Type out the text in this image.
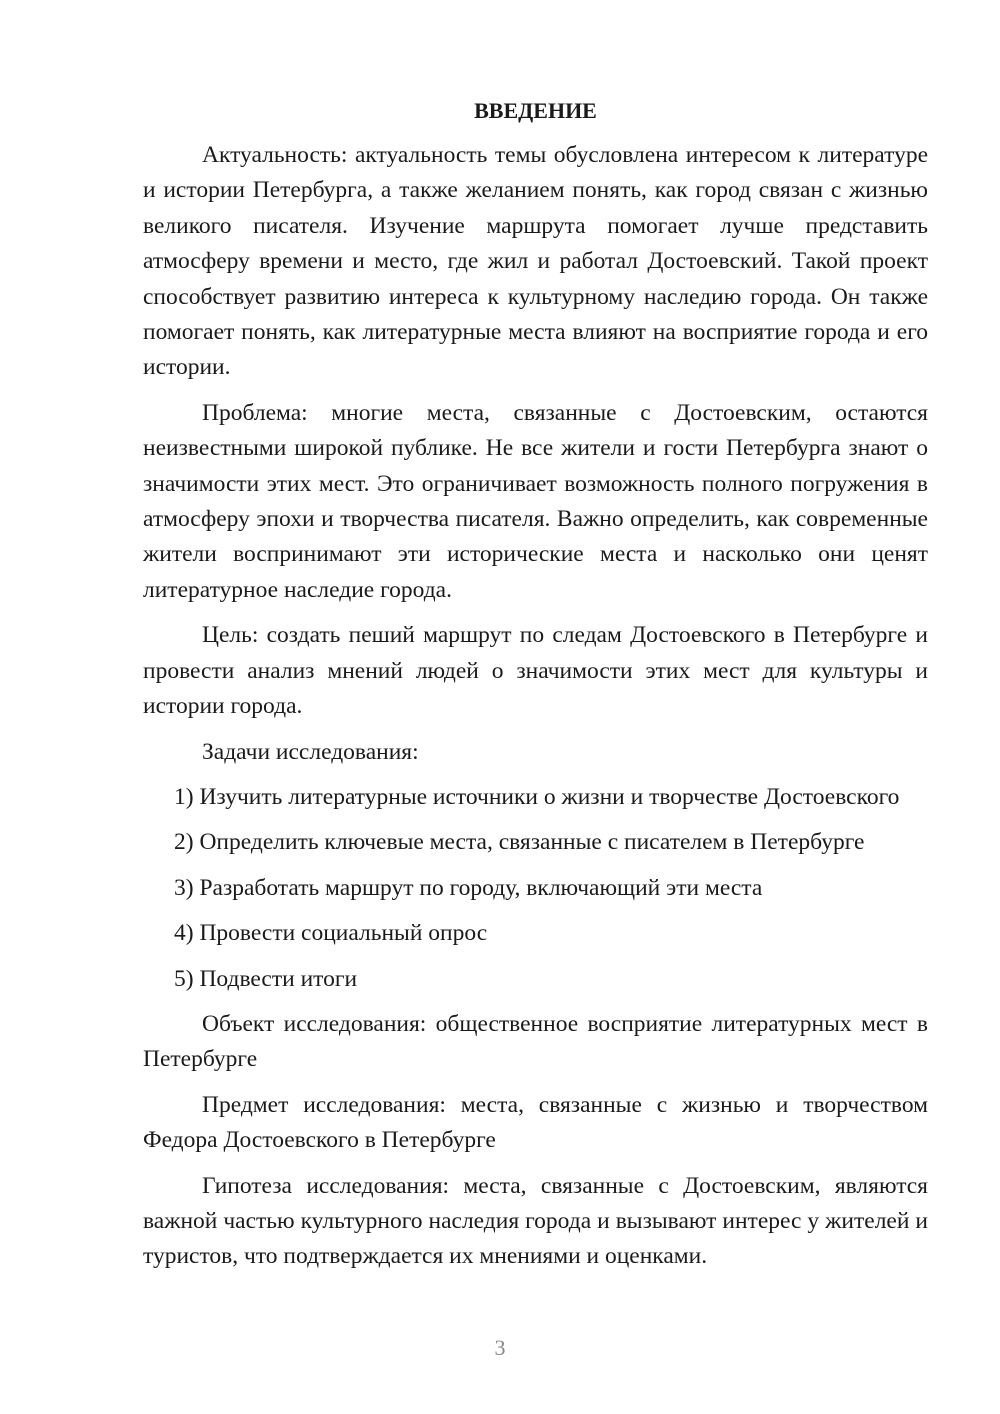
ВВЕДЕНИЕ

Актуальность: актуальность темы обусловлена интересом к литературе и истории Петербурга, а также желанием понять, как город связан с жизнью великого писателя. Изучение маршрута помогает лучше представить атмосферу времени и место, где жил и работал Достоевский. Такой проект способствует развитию интереса к культурному наследию города. Он также помогает понять, как литературные места влияют на восприятие города и его истории.

Проблема: многие места, связанные с Достоевским, остаются неизвестными широкой публике. Не все жители и гости Петербурга знают о значимости этих мест. Это ограничивает возможность полного погружения в атмосферу эпохи и творчества писателя. Важно определить, как современные жители воспринимают эти исторические места и насколько они ценят литературное наследие города.

Цель: создать пеший маршрут по следам Достоевского в Петербурге и провести анализ мнений людей о значимости этих мест для культуры и истории города.

Задачи исследования:

1) Изучить литературные источники о жизни и творчестве Достоевского

2) Определить ключевые места, связанные с писателем в Петербурге

3) Разработать маршрут по городу, включающий эти места

4) Провести социальный опрос

5) Подвести итоги

Объект исследования: общественное восприятие литературных мест в Петербурге

Предмет исследования: места, связанные с жизнью и творчеством Федора Достоевского в Петербурге

Гипотеза исследования: места, связанные с Достоевским, являются важной частью культурного наследия города и вызывают интерес у жителей и туристов, что подтверждается их мнениями и оценками.

3
